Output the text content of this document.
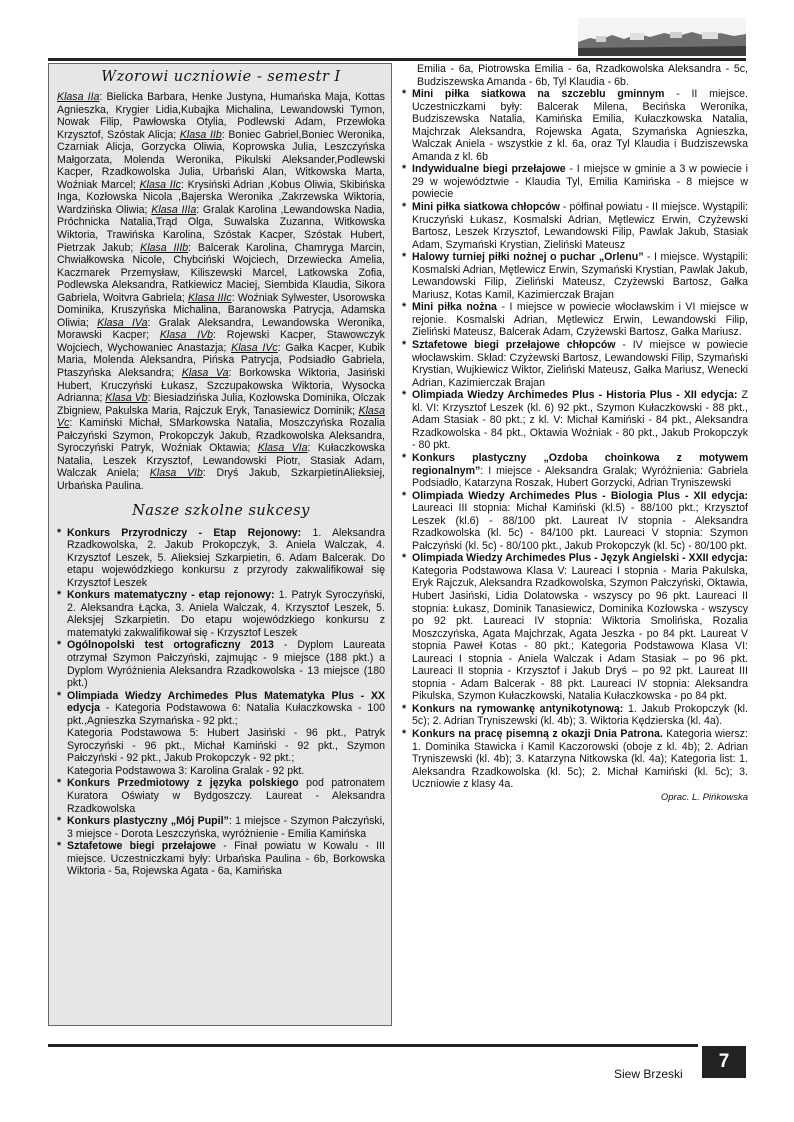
Wzorowi uczniowie - semestr I
Klasa IIa: Bielicka Barbara, Henke Justyna, Humańska Maja, Kottas Agnieszka, Krygier Lidia,Kubajka Michalina, Lewandowski Tymon, Nowak Filip, Pawłowska Otylia, Podlewski Adam, Przewłoka Krzysztof, Szóstak Alicja; Klasa IIb: Boniec Gabriel,Boniec Weronika, Czarniak Alicja, Gorzycka Oliwia, Koprowska Julia, Leszczyńska Małgorzata, Molenda Weronika, Pikulski Aleksander,Podlewski Kacper, Rzadkowolska Julia, Urbański Alan, Witkowska Marta, Woźniak Marcel; Klasa IIc: Krysiński Adrian ,Kobus Oliwia, Skibińska Inga, Kozłowska Nicola ,Bajerska Weronika ,Zakrzewska Wiktoria, Wardzińska Oliwia; Klasa IIIa: Gralak Karolina ,Lewandowska Nadia, Próchnicka Natalia,Trąd Olga, Suwalska Zuzanna, Witkowska Wiktoria, Trawińska Karolina, Szóstak Kacper, Szóstak Hubert, Pietrzak Jakub; Klasa IIIb: Balcerak Karolina, Chamryga Marcin, Chwiałkowska Nicole, Chybciński Wojciech, Drzewiecka Amelia, Kaczmarek Przemysław, Kiliszewski Marcel, Latkowska Zofia, Podlewska Aleksandra, Ratkiewicz Maciej, Siembida Klaudia, Sikora Gabriela, Woitvra Gabriela; Klasa IIIc: Woźniak Sylwester, Usorowska Dominika, Kruszyńska Michalina, Baranowska Patrycja, Adamska Oliwia; Klasa IVa: Gralak Aleksandra, Lewandowska Weronika, Morawski Kacper; Klasa IVb: Rojewski Kacper, Stawowczyk Wojciech, Wychowaniec Anastazja; Klasa IVc: Gałka Kacper, Kubik Maria, Molenda Aleksandra, Pińska Patrycja, Podsiadło Gabriela, Ptaszyńska Aleksandra; Klasa Va: Borkowska Wiktoria, Jasiński Hubert, Kruczyński Łukasz, Szczupakowska Wiktoria, Wysocka Adrianna; Klasa Vb: Biesiadzińska Julia, Kozłowska Dominika, Olczak Zbigniew, Pakulska Maria, Rajczuk Eryk, Tanasiewicz Dominik; Klasa Vc: Kamiński Michał, SMarkowska Natalia, Moszczyńska Rozalia Pałczyński Szymon, Prokopczyk Jakub, Rzadkowolska Aleksandra, Syroczyński Patryk, Woźniak Oktawia; Klasa VIa: Kułaczkowska Natalia, Leszek Krzysztof, Lewandowski Piotr, Stasiak Adam, Walczak Aniela; Klasa VIb: Dryś Jakub, SzkarpietinAlieksiej, Urbańska Paulina.
Nasze szkolne sukcesy
* Konkurs Przyrodniczy - Etap Rejonowy: 1. Aleksandra Rzadkowolska, 2. Jakub Prokopczyk, 3. Aniela Walczak, 4. Krzysztof Leszek, 5. Alieksiej Szkarpietin, 6. Adam Balcerak. Do etapu wojewódzkiego konkursu z przyrody zakwalifikował się Krzysztof Leszek
* Konkurs matematyczny - etap rejonowy: 1. Patryk Syroczyński, 2. Aleksandra Łącka, 3. Aniela Walczak, 4. Krzysztof Leszek, 5. Aleksjej Szkarpietin. Do etapu wojewódzkiego konkursu z matematyki zakwalifikował się - Krzysztof Leszek
* Ogólnopolski test ortograficzny 2013 - Dyplom Laureata otrzymał Szymon Pałczyński, zajmując - 9 miejsce (188 pkt.) a Dyplom Wyróżnienia Aleksandra Rzadkowolska - 13 miejsce (180 pkt.)
* Olimpiada Wiedzy Archimedes Plus Matematyka Plus - XX edycja - Kategoria Podstawowa 6: Natalia Kułaczkowska - 100 pkt.,Agnieszka Szymańska - 92 pkt.;
Kategoria Podstawowa 5: Hubert Jasiński - 96 pkt., Patryk Syroczyński - 96 pkt., Michał Kamiński - 92 pkt., Szymon Pałczyński - 92 pkt., Jakub Prokopczyk - 92 pkt.;
Kategoria Podstawowa 3: Karolina Gralak - 92 pkt.
* Konkurs Przedmiotowy z języka polskiego pod patronatem Kuratora Oświaty w Bydgoszczy. Laureat - Aleksandra Rzadkowolska
* Konkurs plastyczny „Mój Pupil”: 1 miejsce - Szymon Pałczyński, 3 miejsce - Dorota Leszczyńska, wyróżnienie - Emilia Kamińska
* Sztafetowe biegi przełajowe - Finał powiatu w Kowalu - III miejsce. Uczestniczkami były: Urbańska Paulina - 6b, Borkowska Wiktoria - 5a, Rojewska Agata - 6a, Kamińska
Emilia - 6a, Piotrowska Emilia - 6a, Rzadkowolska Aleksandra - 5c, Budziszewska Amanda - 6b, Tyl Klaudia - 6b.
* Mini piłka siatkowa na szczeblu gminnym - II miejsce. Uczestniczkami były: Balcerak Milena, Becińska Weronika, Budziszewska Natalia, Kamińska Emilia, Kułaczkowska Natalia, Majchrzak Aleksandra, Rojewska Agata, Szymańska Agnieszka, Walczak Aniela - wszystkie z kl. 6a, oraz Tyl Klaudia i Budziszewska Amanda z kl. 6b
* Indywidualne biegi przełajowe - I miejsce w gminie a 3 w powiecie i 29 w województwie - Klaudia Tyl, Emilia Kamińska - 8 miejsce w powiecie
* Mini piłka siatkowa chłopców - półfinał powiatu - II miejsce. Wystąpili: Kruczyński Łukasz, Kosmalski Adrian, Mętlewicz Erwin, Czyżewski Bartosz, Leszek Krzysztof, Lewandowski Filip, Pawlak Jakub, Stasiak Adam, Szymański Krystian, Zieliński Mateusz
* Halowy turniej piłki nożnej o puchar „Orlenu” - I miejsce. Wystąpili: Kosmalski Adrian, Mętlewicz Erwin, Szymański Krystian, Pawlak Jakub, Lewandowski Filip, Zieliński Mateusz, Czyżewski Bartosz, Gałka Mariusz, Kotas Kamil, Kazimierczak Brajan
* Mini piłka nożna - I miejsce w powiecie włocławskim i VI miejsce w rejonie. Kosmalski Adrian, Mętlewicz Erwin, Lewandowski Filip, Zieliński Mateusz, Balcerak Adam, Czyżewski Bartosz, Gałka Mariusz.
* Sztafetowe biegi przełajowe chłopców - IV miejsce w powiecie włocławskim. Skład: Czyżewski Bartosz, Lewandowski Filip, Szymański Krystian, Wujkiewicz Wiktor, Zieliński Mateusz, Gałka Mariusz, Wenecki Adrian, Kazimierczak Brajan
* Olimpiada Wiedzy Archimedes Plus - Historia Plus - XII edycja: Z kl. VI: Krzysztof Leszek (kl. 6) 92 pkt., Szymon Kułaczkowski - 88 pkt., Adam Stasiak - 80 pkt.; z kl. V: Michał Kamiński - 84 pkt., Aleksandra Rzadkowolska - 84 pkt., Oktawia Woźniak - 80 pkt., Jakub Prokopczyk - 80 pkt.
* Konkurs plastyczny „Ozdoba choinkowa z motywem regionalnym”: I miejsce - Aleksandra Gralak; Wyróżnienia: Gabriela Podsiadło, Katarzyna Roszak, Hubert Gorzycki, Adrian Tryniszewski
* Olimpiada Wiedzy Archimedes Plus - Biologia Plus - XII edycja: Laureaci III stopnia: Michał Kamiński (kl.5) - 88/100 pkt.; Krzysztof Leszek (kl.6) - 88/100 pkt. Laureat IV stopnia - Aleksandra Rzadkowolska (kl. 5c) - 84/100 pkt. Laureaci V stopnia: Szymon Pałczyński (kl. 5c) - 80/100 pkt., Jakub Prokopczyk (kl. 5c) - 80/100 pkt.
* Olimpiada Wiedzy Archimedes Plus - Język Angielski - XXII edycja: Kategoria Podstawowa Klasa V: Laureaci I stopnia - Maria Pakulska, Eryk Rajczuk, Aleksandra Rzadkowolska, Szymon Pałczyński, Oktawia, Hubert Jasiński, Lidia Dolatowska - wszyscy po 96 pkt. Laureaci II stopnia: Łukasz, Dominik Tanasiewicz, Dominika Kozłowska - wszyscy po 92 pkt. Laureaci IV stopnia: Wiktoria Smolińska, Rozalia Moszczyńska, Agata Majchrzak, Agata Jeszka - po 84 pkt. Laureat V stopnia Paweł Kotas - 80 pkt.; Kategoria Podstawowa Klasa VI: Laureaci I stopnia - Aniela Walczak i Adam Stasiak – po 96 pkt. Laureaci II stopnia - Krzysztof i Jakub Dryś – po 92 pkt. Laureat III stopnia - Adam Balcerak - 88 pkt. Laureaci IV stopnia: Aleksandra Pikulska, Szymon Kułaczkowski, Natalia Kułaczkowska - po 84 pkt.
* Konkurs na rymowankę antynikotynową: 1. Jakub Prokopczyk (kl. 5c); 2. Adrian Tryniszewski (kl. 4b); 3. Wiktoria Kędzierska (kl. 4a).
* Konkurs na pracę pisemną z okazji Dnia Patrona. Kategoria wiersz: 1. Dominika Stawicka i Kamil Kaczorowski (oboje z kl. 4b); 2. Adrian Tryniszewski (kl. 4b); 3. Katarzyna Nitkowska (kl. 4a); Kategoria list: 1. Aleksandra Rzadkowolska (kl. 5c); 2. Michał Kamiński (kl. 5c); 3. Uczniowie z klasy 4a.
Oprac. L. Pińkowska
Siew Brzeski
7
